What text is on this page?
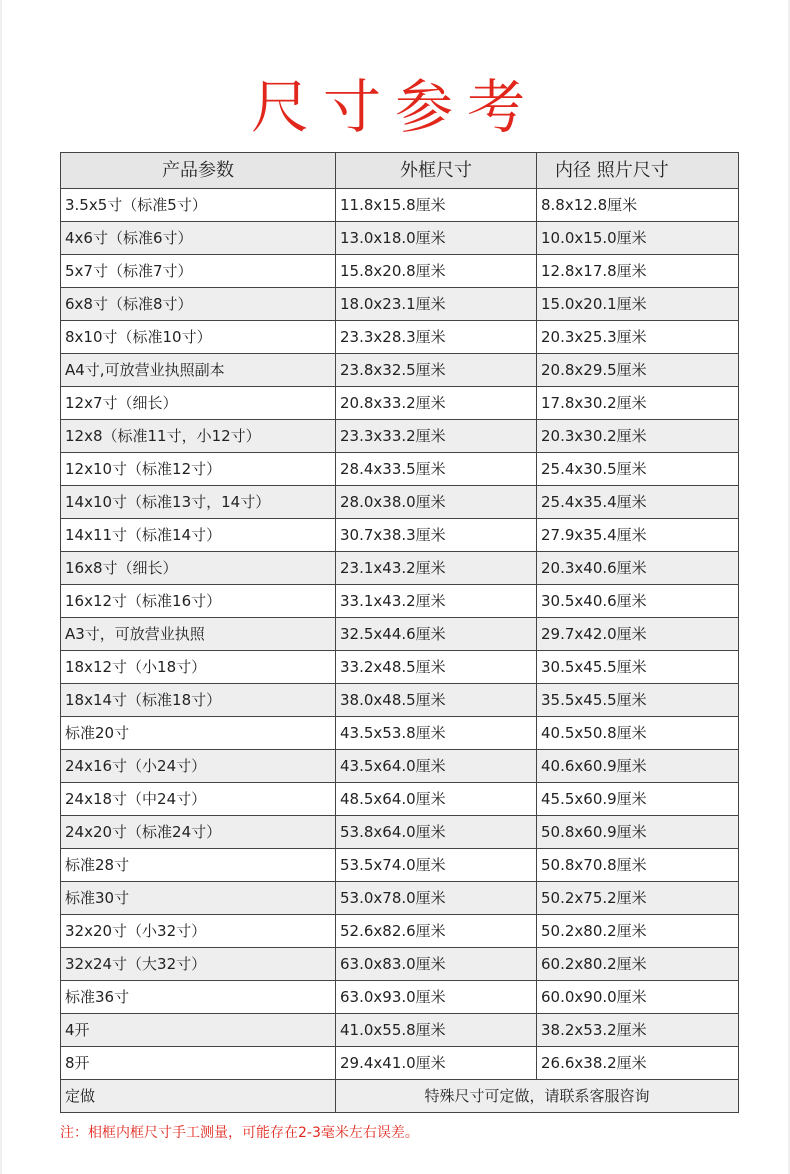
尺寸参考
产品参数	外框尺寸	内径 照片尺寸
3.5x5寸（标准5寸）	11.8x15.8厘米	8.8x12.8厘米
4x6寸（标准6寸）	13.0x18.0厘米	10.0x15.0厘米
5x7寸（标准7寸）	15.8x20.8厘米	12.8x17.8厘米
6x8寸（标准8寸）	18.0x23.1厘米	15.0x20.1厘米
8x10寸（标准10寸）	23.3x28.3厘米	20.3x25.3厘米
A4寸,可放营业执照副本	23.8x32.5厘米	20.8x29.5厘米
12x7寸（细长）	20.8x33.2厘米	17.8x30.2厘米
12x8（标准11寸，小12寸）	23.3x33.2厘米	20.3x30.2厘米
12x10寸（标准12寸）	28.4x33.5厘米	25.4x30.5厘米
14x10寸（标准13寸，14寸）	28.0x38.0厘米	25.4x35.4厘米
14x11寸（标准14寸）	30.7x38.3厘米	27.9x35.4厘米
16x8寸（细长）	23.1x43.2厘米	20.3x40.6厘米
16x12寸（标准16寸）	33.1x43.2厘米	30.5x40.6厘米
A3寸，可放营业执照	32.5x44.6厘米	29.7x42.0厘米
18x12寸（小18寸）	33.2x48.5厘米	30.5x45.5厘米
18x14寸（标准18寸）	38.0x48.5厘米	35.5x45.5厘米
标准20寸	43.5x53.8厘米	40.5x50.8厘米
24x16寸（小24寸）	43.5x64.0厘米	40.6x60.9厘米
24x18寸（中24寸）	48.5x64.0厘米	45.5x60.9厘米
24x20寸（标准24寸）	53.8x64.0厘米	50.8x60.9厘米
标准28寸	53.5x74.0厘米	50.8x70.8厘米
标准30寸	53.0x78.0厘米	50.2x75.2厘米
32x20寸（小32寸）	52.6x82.6厘米	50.2x80.2厘米
32x24寸（大32寸）	63.0x83.0厘米	60.2x80.2厘米
标准36寸	63.0x93.0厘米	60.0x90.0厘米
4开	41.0x55.8厘米	38.2x53.2厘米
8开	29.4x41.0厘米	26.6x38.2厘米
定做	特殊尺寸可定做，请联系客服咨询	
注：相框内框尺寸手工测量，可能存在2-3毫米左右误差。
